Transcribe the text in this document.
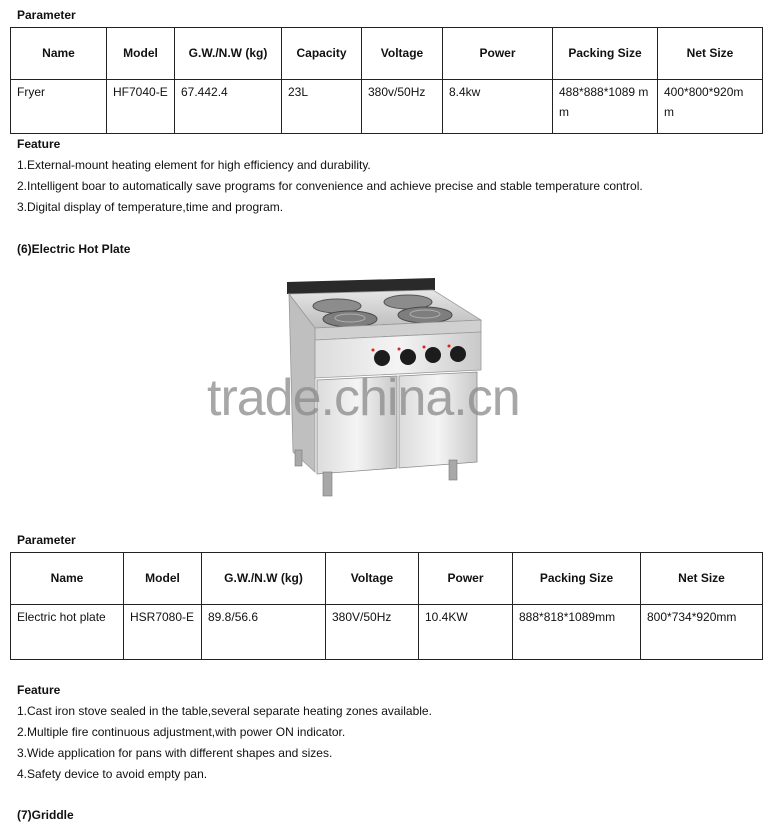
Parameter
Name	Model	G.W./N.W (kg)	Capacity	Voltage	Power	Packing Size	Net Size
Fryer	HF7040-E	67.442.4	23L	380v/50Hz	8.4kw	488*888*1089 mm	400*800*920m m
Feature
1.External-mount heating element for high efficiency and durability.
2.Intelligent boar to automatically save programs for convenience and achieve precise and stable temperature control.
3.Digital display of temperature,time and program.
(6)Electric Hot Plate
trade.china.cn
Parameter
Name	Model	G.W./N.W (kg)	Voltage	Power	Packing Size	Net Size
Electric hot plate	HSR7080-E	89.8/56.6	380V/50Hz	10.4KW	888*818*1089mm	800*734*920mm
Feature
1.Cast iron stove sealed in the table,several separate heating zones available.
2.Multiple fire continuous adjustment,with power ON indicator.
3.Wide application for pans with different shapes and sizes.
4.Safety device to avoid empty pan.
(7)Griddle
